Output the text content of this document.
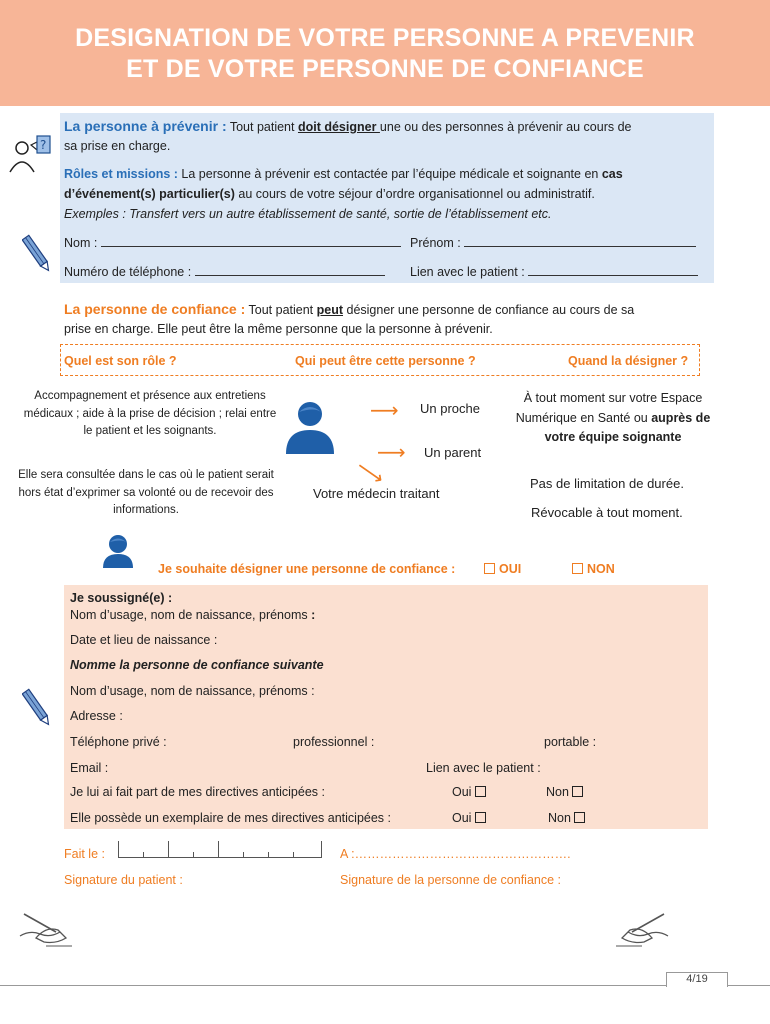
DESIGNATION DE VOTRE PERSONNE A PREVENIR
ET DE VOTRE PERSONNE DE CONFIANCE
?
La personne à prévenir : Tout patient doit désigner une ou des personnes à prévenir au cours de
sa prise en charge.
Rôles et missions : La personne à prévenir est contactée par l’équipe médicale et soignante en cas
d’événement(s) particulier(s) au cours de votre séjour d’ordre organisationnel ou administratif.
Exemples : Transfert vers un autre établissement de santé, sortie de l’établissement etc.
Nom :	Prénom :
Numéro de téléphone :	Lien avec le patient :
La personne de confiance : Tout patient peut désigner une personne de confiance au cours de sa
prise en charge. Elle peut être la même personne que la personne à prévenir.
Quel est son rôle ?	Qui peut être cette personne ?	Quand la désigner ?
Accompagnement et présence aux entretiens médicaux ; aide à la prise de décision ; relai entre le patient et les soignants.
Elle sera consultée dans le cas où le patient serait hors état d’exprimer sa volonté ou de recevoir des informations.
⟶
⟶
⟶
Un proche
Un parent
Votre médecin traitant
À tout moment sur votre Espace Numérique en Santé ou auprès de votre équipe soignante
Pas de limitation de durée.
Révocable à tout moment.
Je souhaite désigner une personne de confiance :	OUI	NON
Je soussigné(e) :
Nom d’usage, nom de naissance, prénoms :
Date et lieu de naissance :
Nomme la personne de confiance suivante
Nom d’usage, nom de naissance, prénoms :
Adresse :
Téléphone privé :	professionnel :	portable :
Email :	Lien avec le patient :
Je lui ai fait part de mes directives anticipées :	Oui	Non
Elle possède un exemplaire de mes directives anticipées :	Oui	Non
Fait le :	A :…………………………………………….
Signature du patient :	Signature de la personne de confiance :
4/19
